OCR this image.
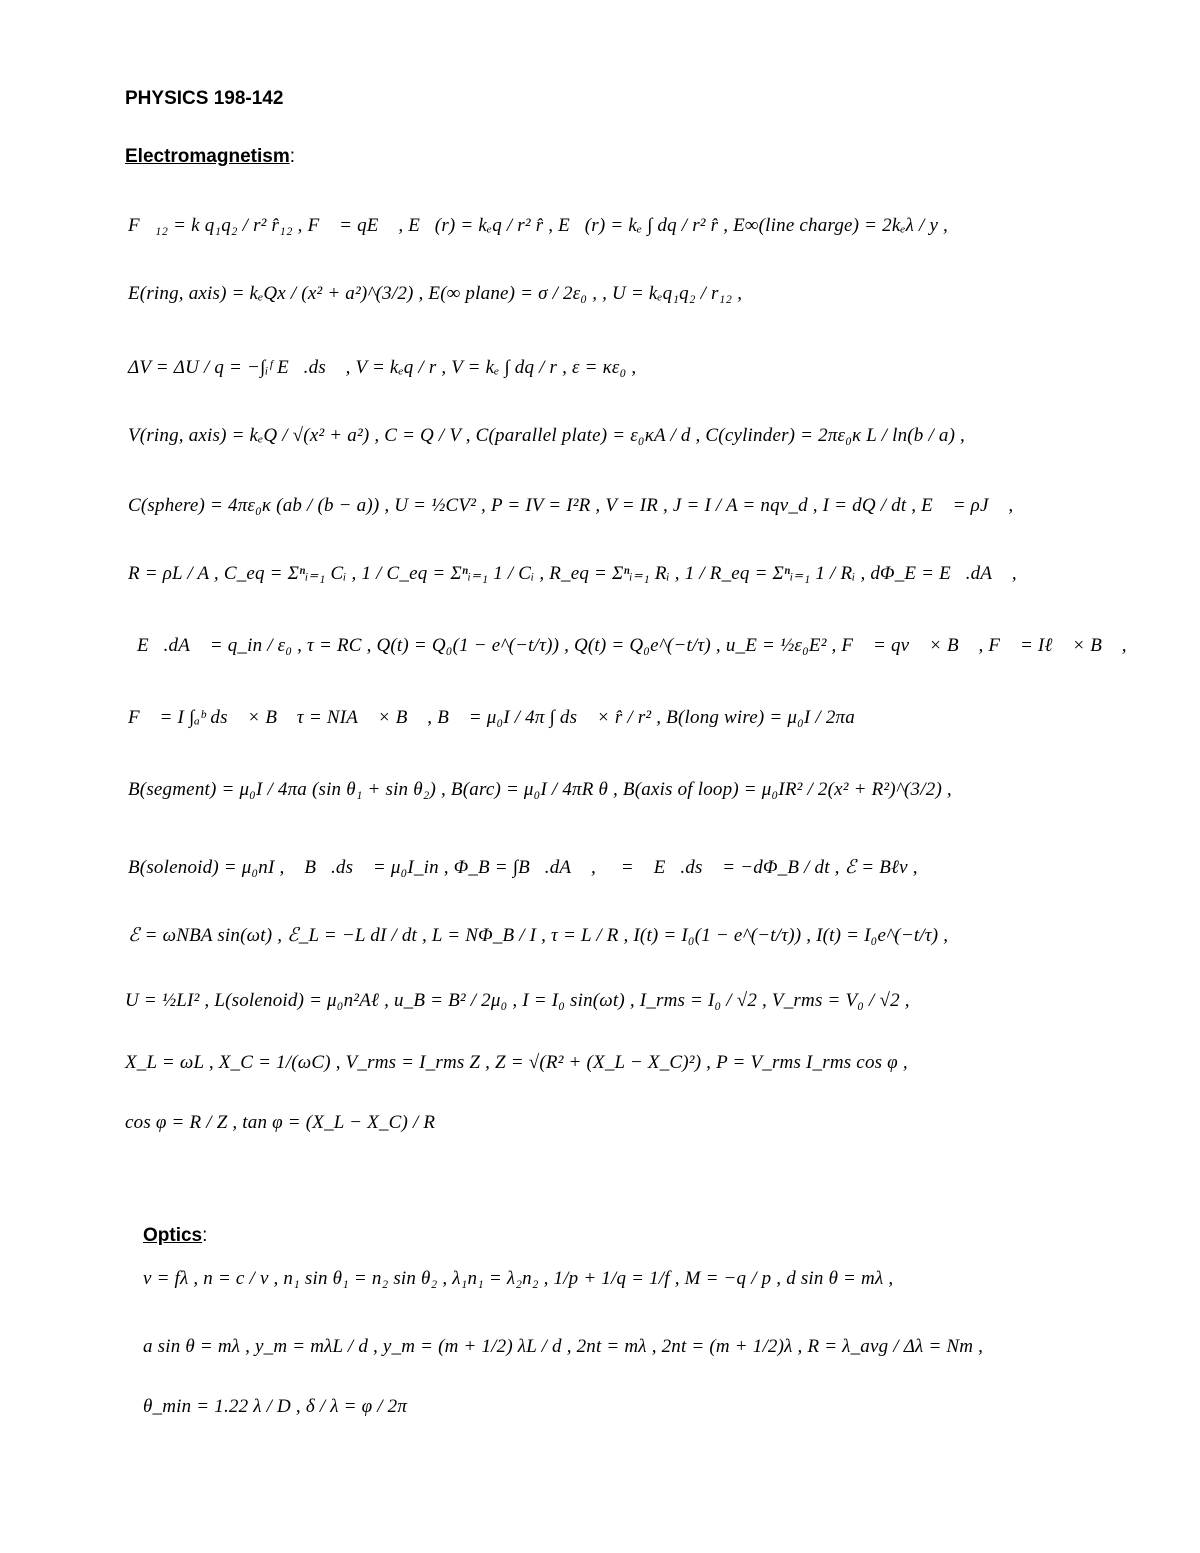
PHYSICS 198-142
Electromagnetism:
F⃗₁₂ = k q₁q₂ / r² r̂₁₂ , F⃗ = qE⃗ , E⃗(r) = kₑq / r² r̂ , E⃗(r) = kₑ ∫ dq / r² r̂ , E∞(line charge) = 2kₑλ / y ,
E(ring, axis) = kₑQx / (x² + a²)^(3/2) , E(∞ plane) = σ / 2ε₀ , , U = kₑq₁q₂ / r₁₂ ,
ΔV = ΔU / q = −∫ᵢᶠ E⃗.ds⃗ , V = kₑq / r , V = kₑ ∫ dq / r , ε = κε₀ ,
V(ring, axis) = kₑQ / √(x² + a²) , C = Q / V , C(parallel plate) = ε₀κA / d , C(cylinder) = 2πε₀κ L / ln(b / a) ,
C(sphere) = 4πε₀κ (ab / (b − a)) , U = ½CV² , P = IV = I²R , V = IR , J = I / A = nqv_d , I = dQ / dt , E⃗ = ρJ⃗ ,
R = ρL / A , C_eq = Σⁿᵢ₌₁ Cᵢ , 1 / C_eq = Σⁿᵢ₌₁ 1 / Cᵢ , R_eq = Σⁿᵢ₌₁ Rᵢ , 1 / R_eq = Σⁿᵢ₌₁ 1 / Rᵢ , dΦ_E = E⃗.dA⃗ ,
∮E⃗.dA⃗ = q_in / ε₀ , τ = RC , Q(t) = Q₀(1 − e^(−t/τ)) , Q(t) = Q₀e^(−t/τ) , u_E = ½ε₀E² , F⃗ = qv⃗ × B⃗ , F⃗ = Iℓ⃗ × B⃗ ,
F⃗ = I ∫ₐᵇ ds⃗ × B⃗ τ = NIA⃗ × B⃗ , B⃗ = μ₀I / 4π ∫ ds⃗ × r̂ / r² , B(long wire) = μ₀I / 2πa
B(segment) = μ₀I / 4πa (sin θ₁ + sin θ₂) , B(arc) = μ₀I / 4πR θ , B(axis of loop) = μ₀IR² / 2(x² + R²)^(3/2) ,
B(solenoid) = μ₀nI , ∮B⃗.ds⃗ = μ₀I_in , Φ_B = ∫B⃗.dA⃗ , ℰ = ∮E⃗.ds⃗ = −dΦ_B / dt , ℰ = Bℓv ,
ℰ = ωNBA sin(ωt) , ℰ_L = −L dI / dt , L = NΦ_B / I , τ = L / R , I(t) = I₀(1 − e^(−t/τ)) , I(t) = I₀e^(−t/τ) ,
U = ½LI² , L(solenoid) = μ₀n²Aℓ , u_B = B² / 2μ₀ , I = I₀ sin(ωt) , I_rms = I₀ / √2 , V_rms = V₀ / √2 ,
X_L = ωL , X_C = 1/(ωC) , V_rms = I_rms Z , Z = √(R² + (X_L − X_C)²) , P = V_rms I_rms cos φ ,
cos φ = R / Z , tan φ = (X_L − X_C) / R
Optics:
v = fλ , n = c / v , n₁ sin θ₁ = n₂ sin θ₂ , λ₁n₁ = λ₂n₂ , 1/p + 1/q = 1/f , M = −q / p , d sin θ = mλ ,
a sin θ = mλ , y_m = mλL / d , y_m = (m + 1/2) λL / d , 2nt = mλ , 2nt = (m + 1/2)λ , R = λ_avg / Δλ = Nm ,
θ_min = 1.22 λ / D , δ / λ = φ / 2π
